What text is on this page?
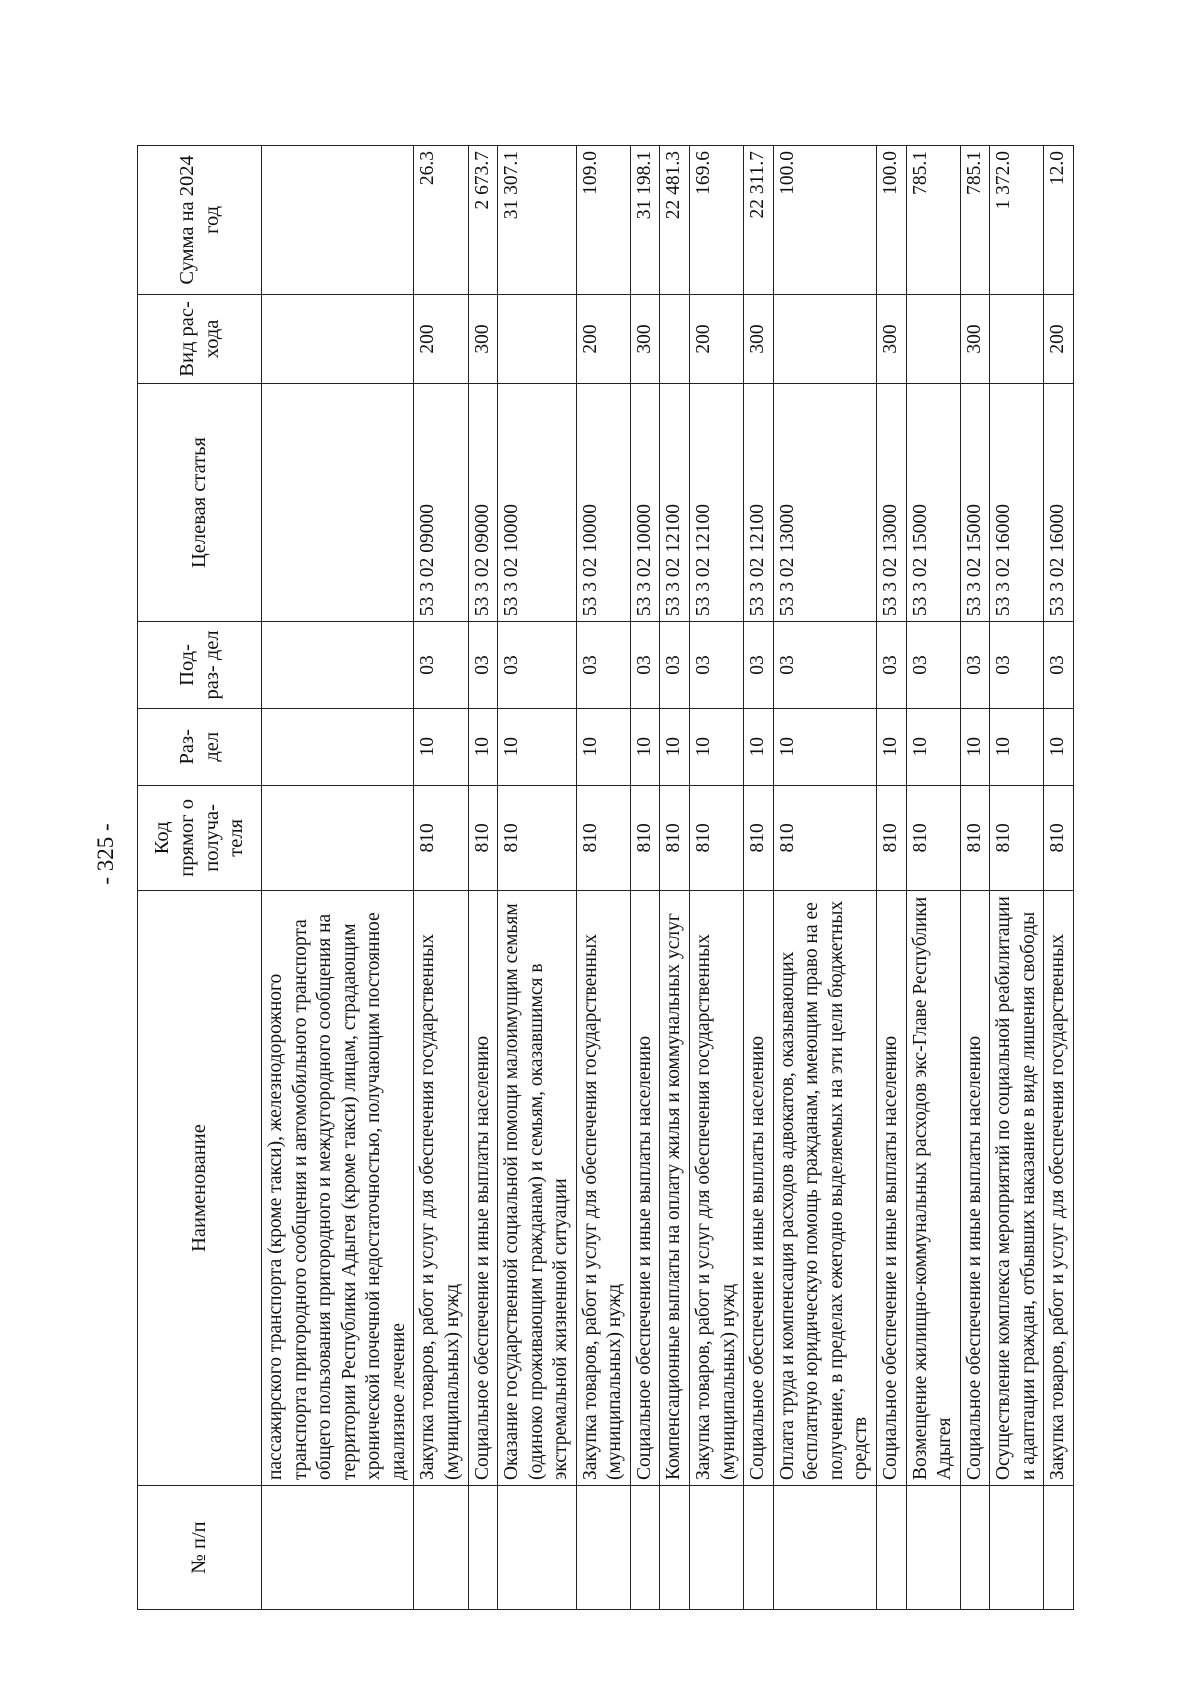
- 325 -
№ п/п	Наименование	Код прямог о получа- теля	Раз- дел	Под- раз- дел	Целевая статья	Вид рас- хода	Сумма на 2024 год
	пассажирского транспорта (кроме такси), железнодорожного транспорта пригородного сообщения и автомобильного транспорта общего пользования пригородного и междугородного сообщения на территории Республики Адыгея (кроме такси) лицам, страдающим хронической почечной недостаточностью, получающим постоянное диализное лечение						
	Закупка товаров, работ и услуг для обеспечения государственных (муниципальных) нужд	810	10	03	53 3 02 09000	200	26.3
	Социальное обеспечение и иные выплаты населению	810	10	03	53 3 02 09000	300	2 673.7
	Оказание государственной социальной помощи малоимущим семьям (одиноко проживающим гражданам) и семьям, оказавшимся в экстремальной жизненной ситуации	810	10	03	53 3 02 10000		31 307.1
	Закупка товаров, работ и услуг для обеспечения государственных (муниципальных) нужд	810	10	03	53 3 02 10000	200	109.0
	Социальное обеспечение и иные выплаты населению	810	10	03	53 3 02 10000	300	31 198.1
	Компенсационные выплаты на оплату жилья и коммунальных услуг	810	10	03	53 3 02 12100		22 481.3
	Закупка товаров, работ и услуг для обеспечения государственных (муниципальных) нужд	810	10	03	53 3 02 12100	200	169.6
	Социальное обеспечение и иные выплаты населению	810	10	03	53 3 02 12100	300	22 311.7
	Оплата труда и компенсация расходов адвокатов, оказывающих бесплатную юридическую помощь гражданам, имеющим право на ее получение, в пределах ежегодно выделяемых на эти цели бюджетных средств	810	10	03	53 3 02 13000		100.0
	Социальное обеспечение и иные выплаты населению	810	10	03	53 3 02 13000	300	100.0
	Возмещение жилищно-коммунальных расходов экс-Главе Республики Адыгея	810	10	03	53 3 02 15000		785.1
	Социальное обеспечение и иные выплаты населению	810	10	03	53 3 02 15000	300	785.1
	Осуществление комплекса мероприятий по социальной реабилитации и адаптации граждан, отбывших наказание в виде лишения свободы	810	10	03	53 3 02 16000		1 372.0
	Закупка товаров, работ и услуг для обеспечения государственных	810	10	03	53 3 02 16000	200	12.0
